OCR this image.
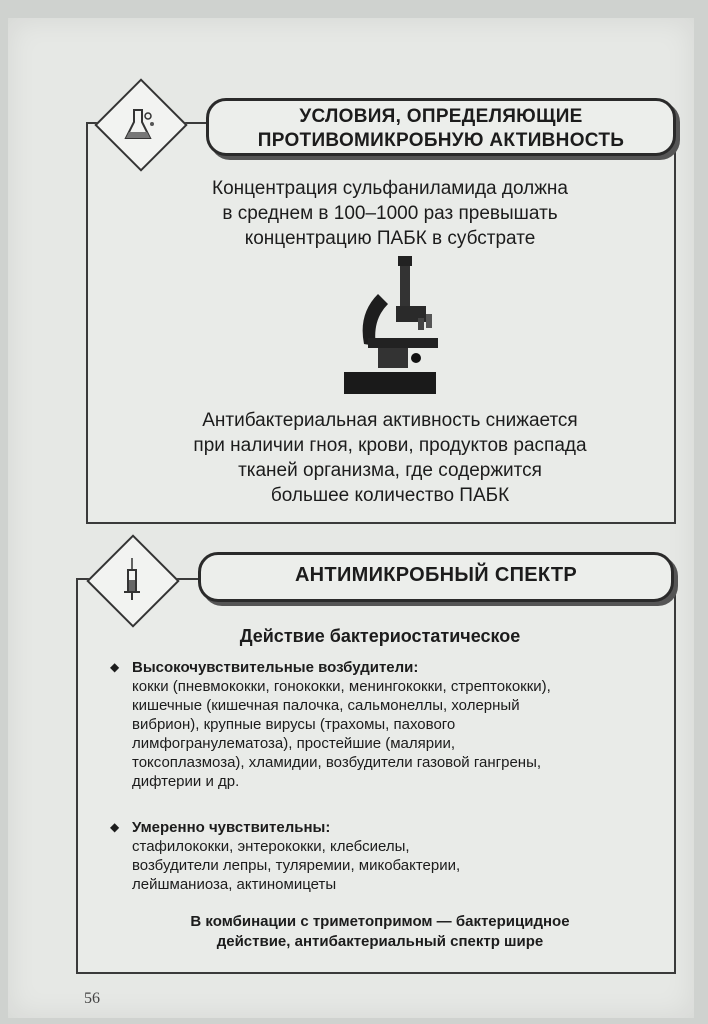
УСЛОВИЯ, ОПРЕДЕЛЯЮЩИЕ
ПРОТИВОМИКРОБНУЮ АКТИВНОСТЬ
Концентрация сульфаниламида должна
в среднем в 100–1000 раз превышать
концентрацию ПАБК в субстрате
Антибактериальная активность снижается
при наличии гноя, крови, продуктов распада
тканей организма, где содержится
большее количество ПАБК
АНТИМИКРОБНЫЙ СПЕКТР
Действие бактериостатическое
◆ Высокочувствительные возбудители:
кокки (пневмококки, гонококки, менингококки, стрептококки),
кишечные (кишечная палочка, сальмонеллы, холерный
вибрион), крупные вирусы (трахомы, пахового
лимфогранулематоза), простейшие (малярии,
токсоплазмоза), хламидии, возбудители газовой гангрены,
дифтерии и др.
◆ Умеренно чувствительны:
стафилококки, энтерококки, клебсиелы,
возбудители лепры, туляремии, микобактерии,
лейшманиоза, актиномицеты
В комбинации с триметопримом — бактерицидное
действие, антибактериальный спектр шире
56
